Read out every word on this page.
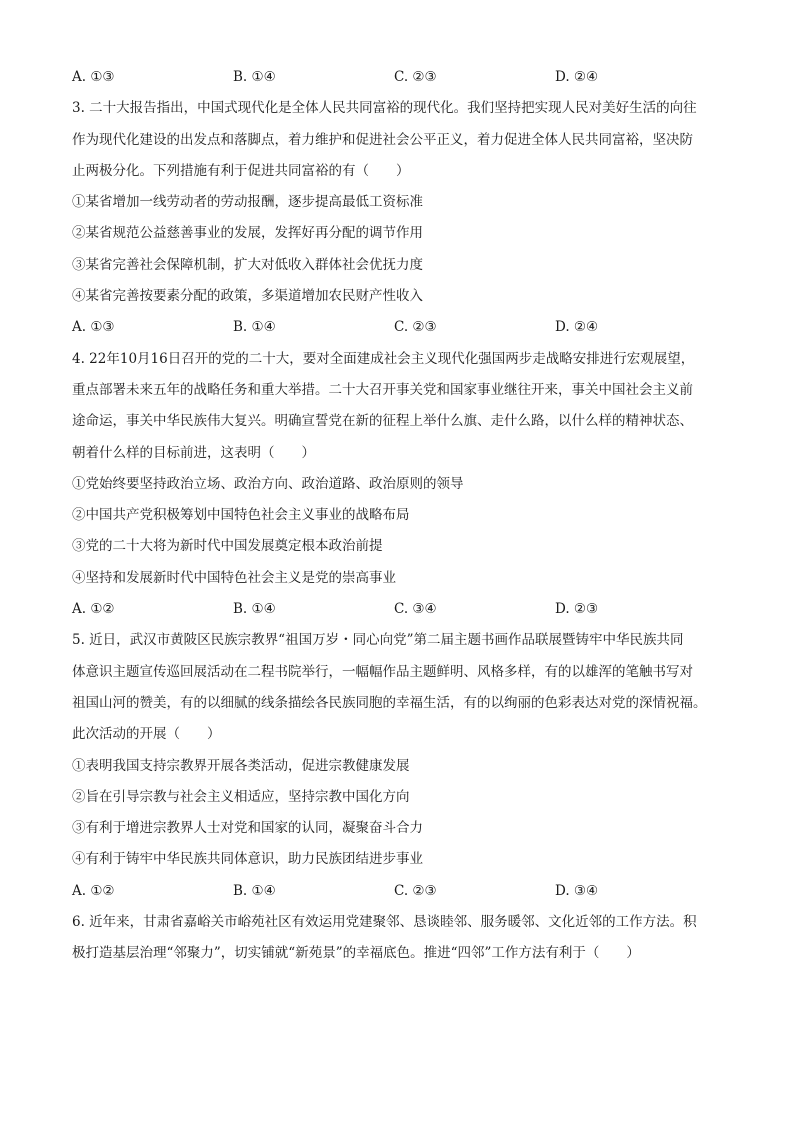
A. ①③	B. ①④	C. ②③	D. ②④
3. 二十大报告指出，中国式现代化是全体人民共同富裕的现代化。我们坚持把实现人民对美好生活的向往
作为现代化建设的出发点和落脚点，着力维护和促进社会公平正义，着力促进全体人民共同富裕，坚决防
止两极分化。下列措施有利于促进共同富裕的有（　　）
①某省增加一线劳动者的劳动报酬，逐步提高最低工资标准
②某省规范公益慈善事业的发展，发挥好再分配的调节作用
③某省完善社会保障机制，扩大对低收入群体社会优抚力度
④某省完善按要素分配的政策，多渠道增加农民财产性收入
A. ①③	B. ①④	C. ②③	D. ②④
4. 22年10月16日召开的党的二十大，要对全面建成社会主义现代化强国两步走战略安排进行宏观展望，
重点部署未来五年的战略任务和重大举措。二十大召开事关党和国家事业继往开来，事关中国社会主义前
途命运，事关中华民族伟大复兴。明确宣誓党在新的征程上举什么旗、走什么路，以什么样的精神状态、
朝着什么样的目标前进，这表明（　　）
①党始终要坚持政治立场、政治方向、政治道路、政治原则的领导
②中国共产党积极筹划中国特色社会主义事业的战略布局
③党的二十大将为新时代中国发展奠定根本政治前提
④坚持和发展新时代中国特色社会主义是党的崇高事业
A. ①②	B. ①④	C. ③④	D. ②③
5. 近日，武汉市黄陂区民族宗教界“祖国万岁・同心向党”第二届主题书画作品联展暨铸牢中华民族共同
体意识主题宣传巡回展活动在二程书院举行，一幅幅作品主题鲜明、风格多样，有的以雄浑的笔触书写对
祖国山河的赞美，有的以细腻的线条描绘各民族同胞的幸福生活，有的以绚丽的色彩表达对党的深情祝福。
此次活动的开展（　　）
①表明我国支持宗教界开展各类活动，促进宗教健康发展
②旨在引导宗教与社会主义相适应，坚持宗教中国化方向
③有利于增进宗教界人士对党和国家的认同，凝聚奋斗合力
④有利于铸牢中华民族共同体意识，助力民族团结进步事业
A. ①②	B. ①④	C. ②③	D. ③④
6. 近年来，甘肃省嘉峪关市峪苑社区有效运用党建聚邻、恳谈睦邻、服务暖邻、文化近邻的工作方法。积
极打造基层治理“邻聚力”，切实铺就“新苑景”的幸福底色。推进“四邻”工作方法有利于（　　）
